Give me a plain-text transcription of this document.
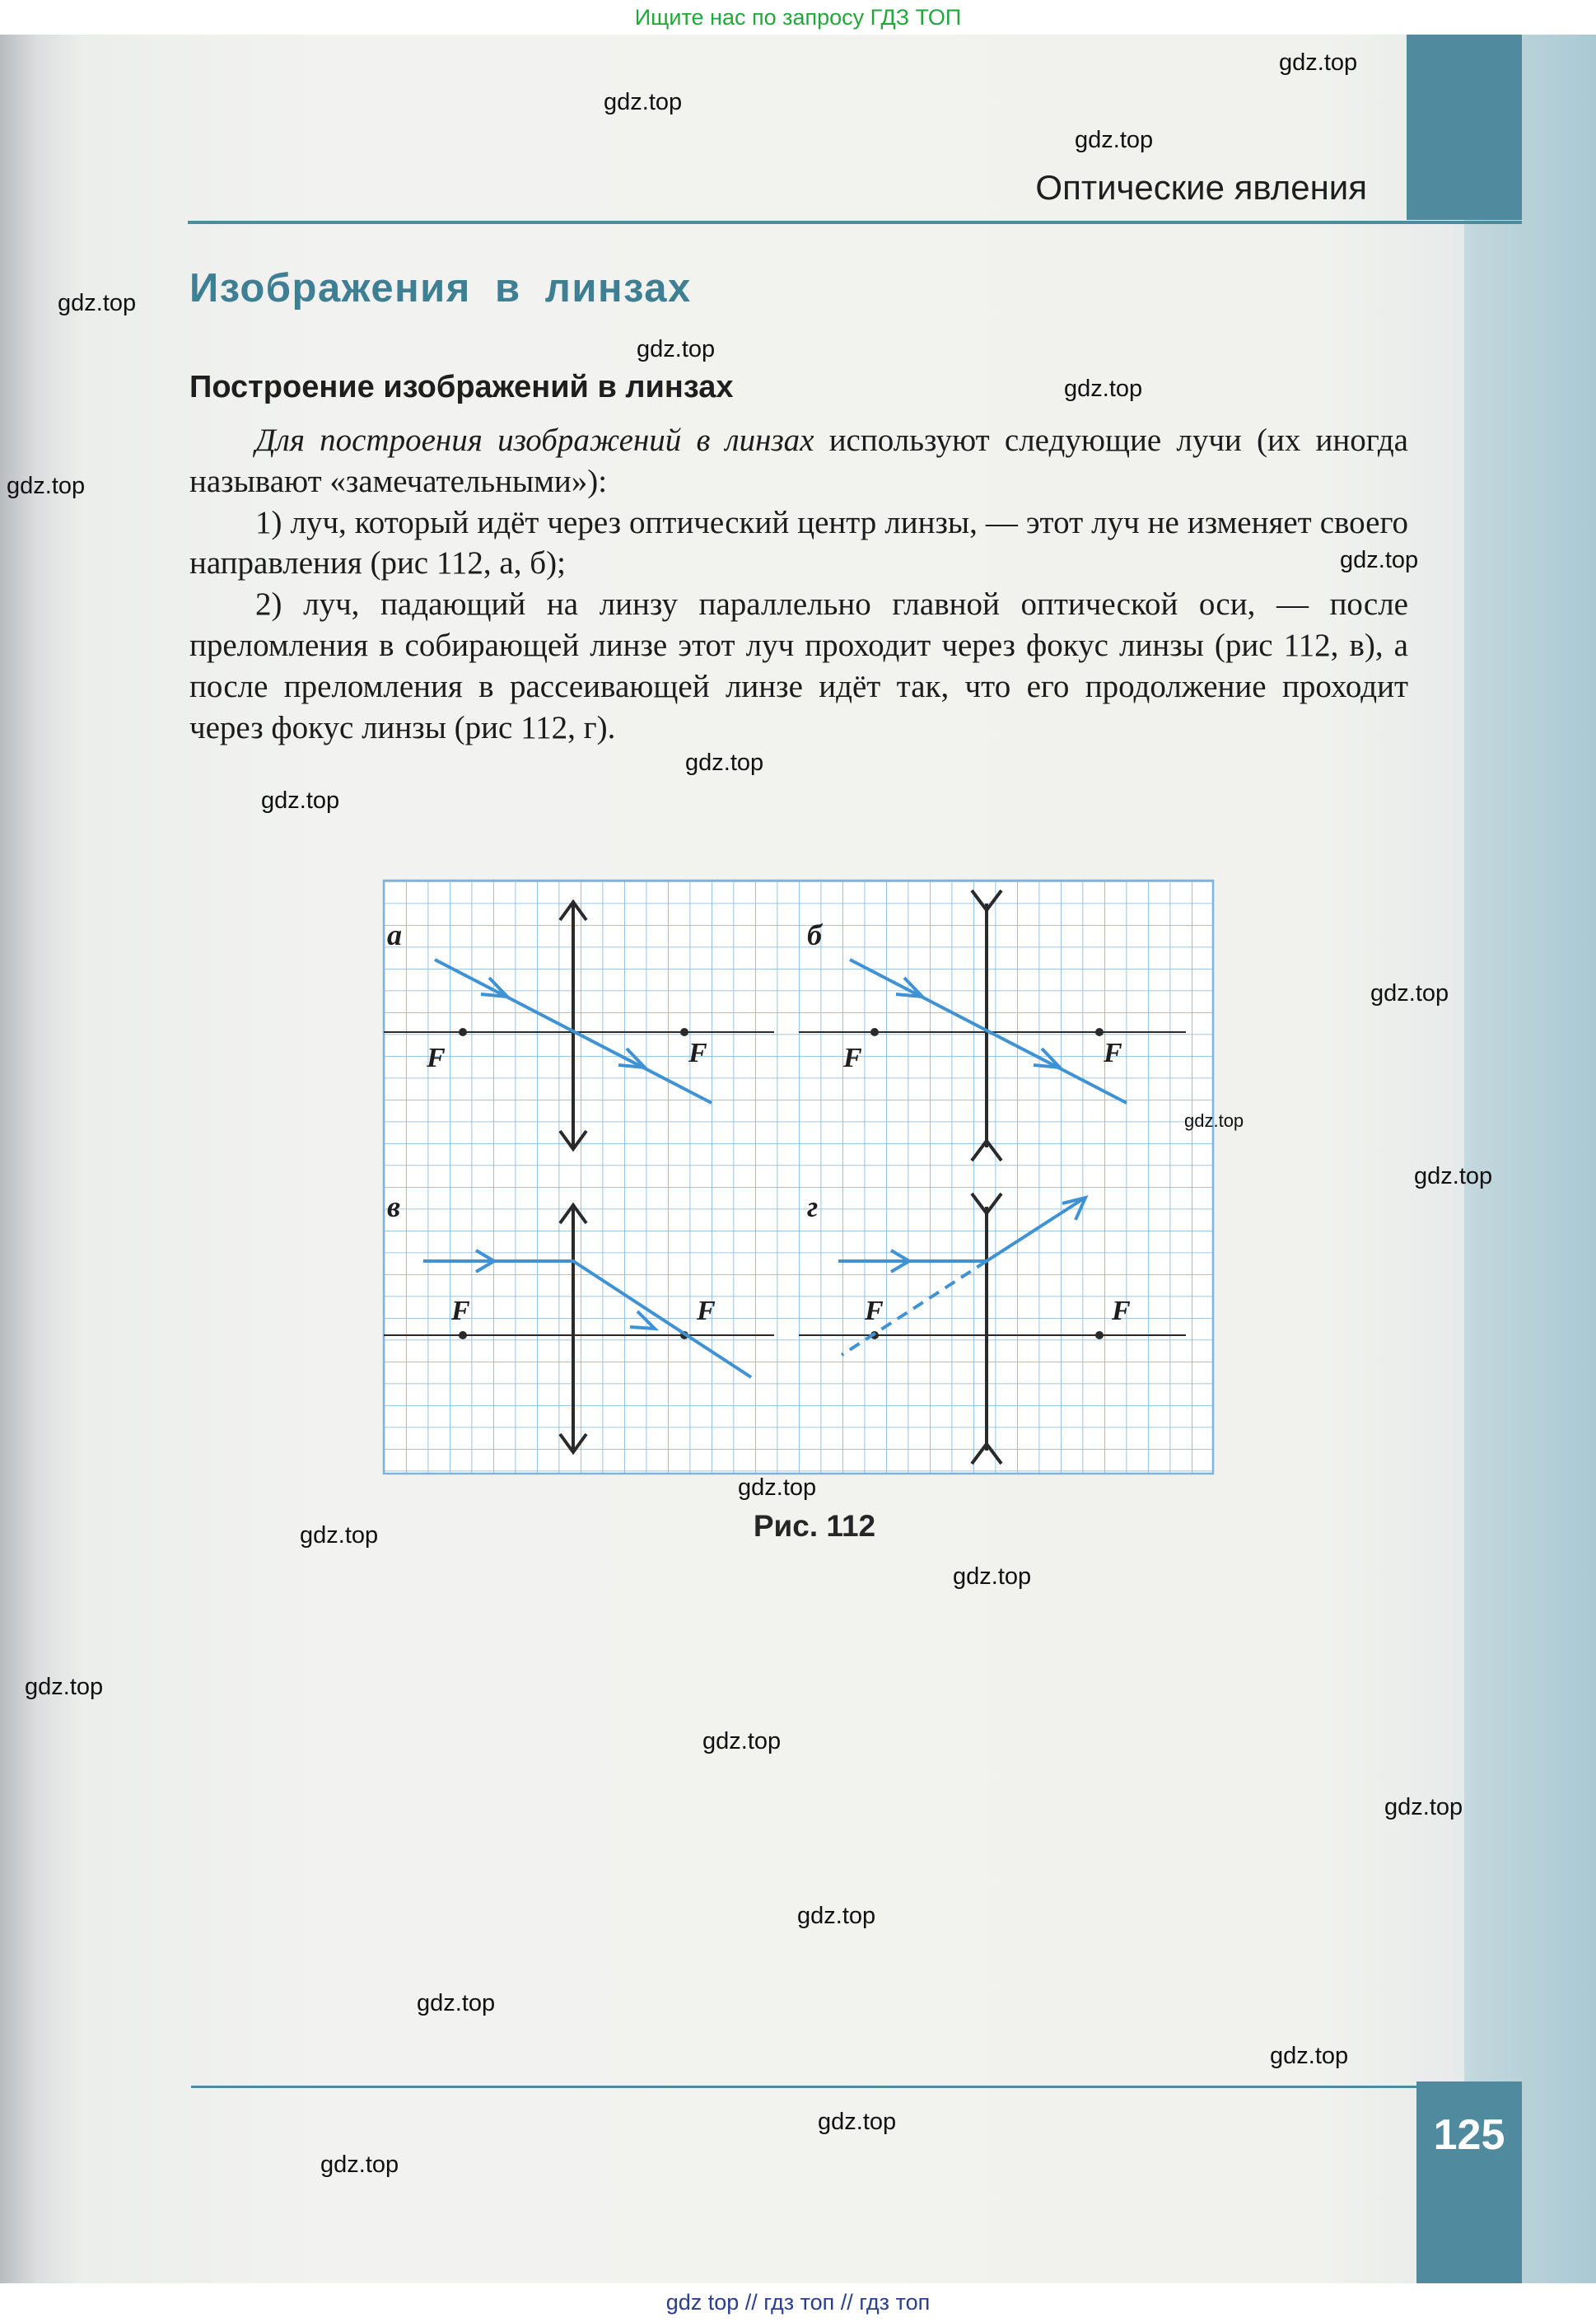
Ищите нас по запросу ГДЗ ТОП
Оптические явления
Изображения в линзах
Построение изображений в линзах

Для построения изображений в линзах используют следующие лучи (их иногда называют «замечательными»):

1) луч, который идёт через оптический центр линзы, — этот луч не изменяет своего направления (рис 112, а, б);

2) луч, падающий на линзу параллельно главной оптической оси, — после преломления в собирающей линзе этот луч проходит через фокус линзы (рис 112, в), а после преломления в рассеивающей линзе идёт так, что его продолжение проходит через фокус линзы (рис 112, г).

а
F	F
б
F	F
в
F	F
г
F	F
Рис. 112
125
gdz.top
gdz.top
gdz.top
gdz.top
gdz.top
gdz.top
gdz.top
gdz.top
gdz.top
gdz.top
gdz.top
gdz.top
gdz.top
gdz.top
gdz.top
gdz.top
gdz.top
gdz.top
gdz.top
gdz.top
gdz.top
gdz.top
gdz.top
gdz.top
gdz top // гдз топ // гдз топ
